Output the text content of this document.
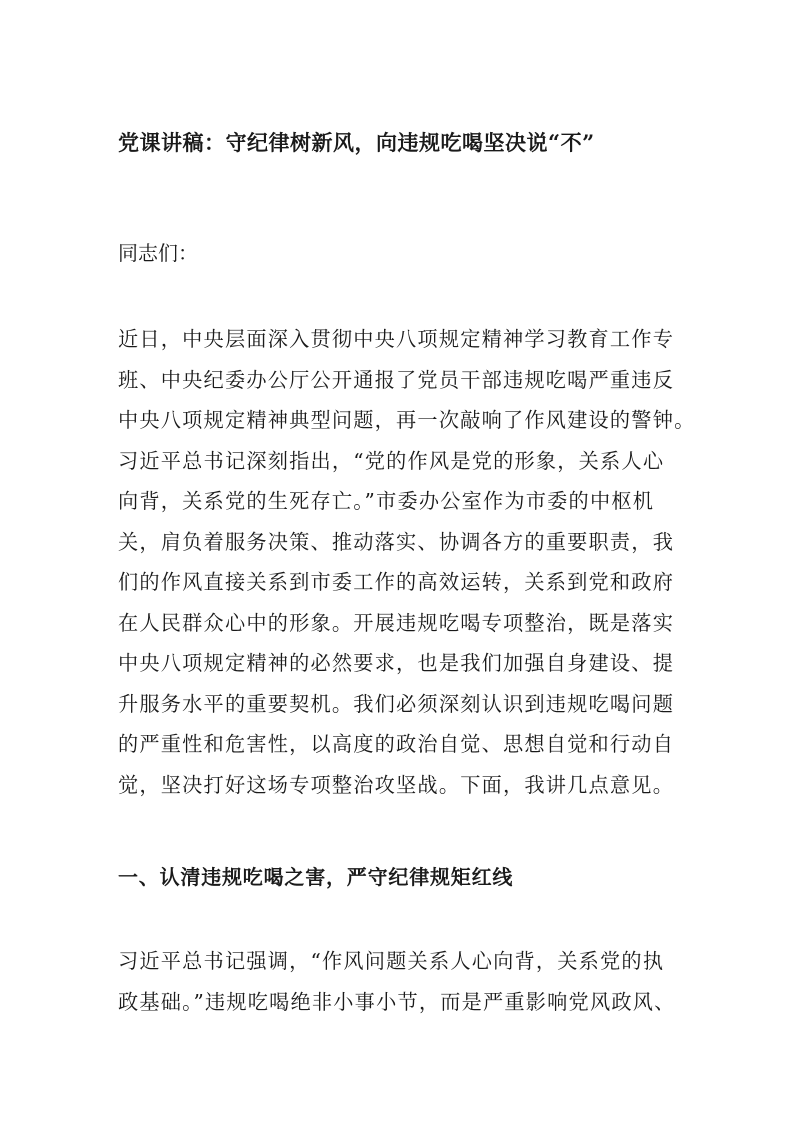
党课讲稿：守纪律树新风，向违规吃喝坚决说“不”

同志们：

近日，中央层面深入贯彻中央八项规定精神学习教育工作专
班、中央纪委办公厅公开通报了党员干部违规吃喝严重违反
中央八项规定精神典型问题，再一次敲响了作风建设的警钟。
习近平总书记深刻指出，“党的作风是党的形象，关系人心
向背，关系党的生死存亡。”市委办公室作为市委的中枢机
关，肩负着服务决策、推动落实、协调各方的重要职责，我
们的作风直接关系到市委工作的高效运转，关系到党和政府
在人民群众心中的形象。开展违规吃喝专项整治，既是落实
中央八项规定精神的必然要求，也是我们加强自身建设、提
升服务水平的重要契机。我们必须深刻认识到违规吃喝问题
的严重性和危害性，以高度的政治自觉、思想自觉和行动自
觉，坚决打好这场专项整治攻坚战。下面，我讲几点意见。
一、认清违规吃喝之害，严守纪律规矩红线
习近平总书记强调，“作风问题关系人心向背，关系党的执
政基础。”违规吃喝绝非小事小节，而是严重影响党风政风、
